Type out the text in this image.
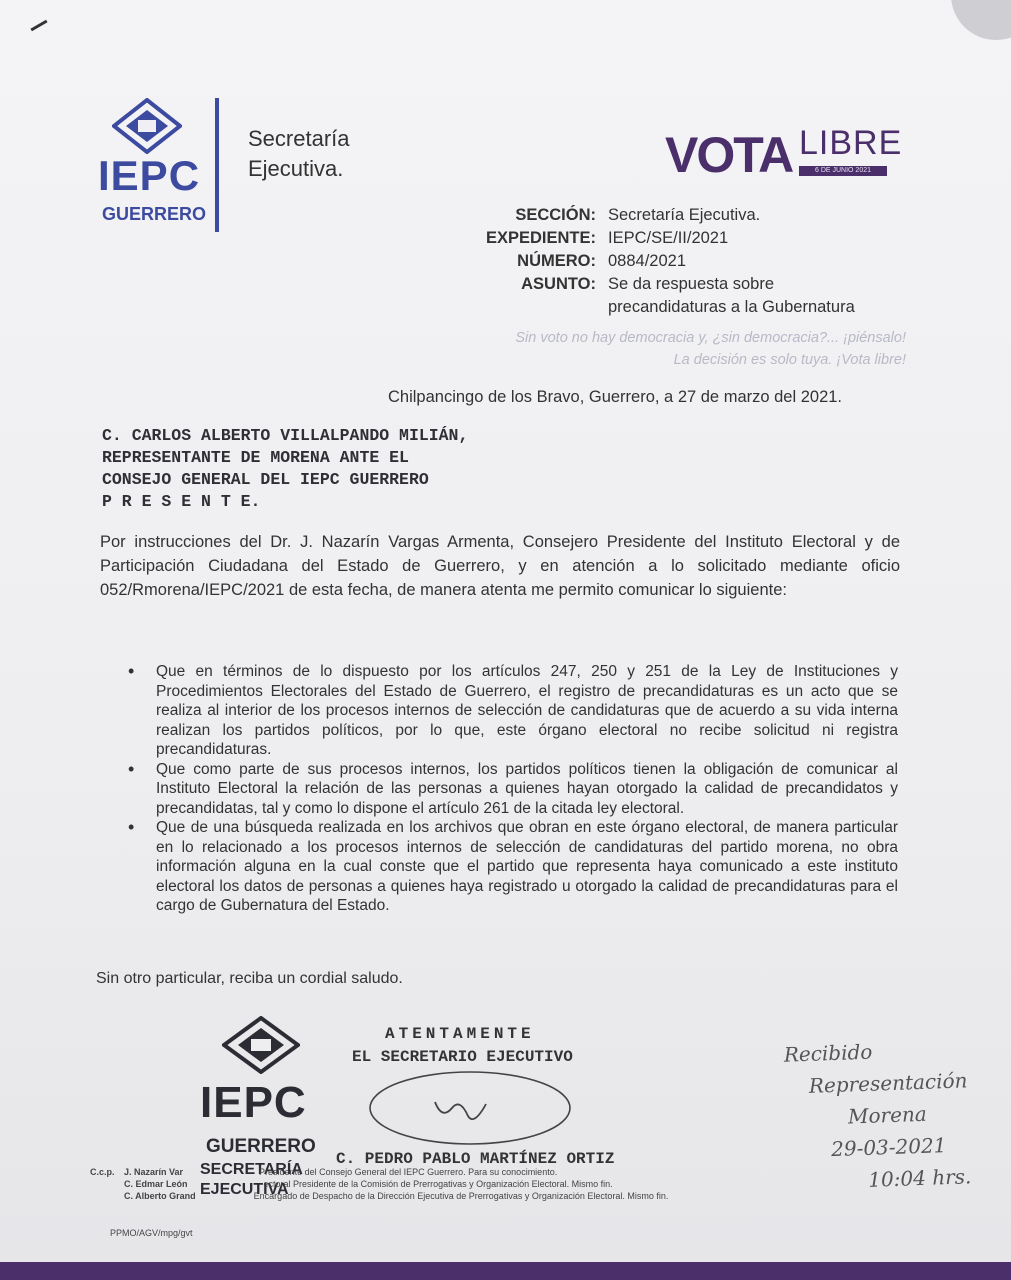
IEPC
GUERRERO
Secretaría Ejecutiva.	VOTA LIBRE
6 DE JUNIO 2021
SECCIÓN: Secretaría Ejecutiva.
EXPEDIENTE: IEPC/SE/II/2021
NÚMERO: 0884/2021
ASUNTO: Se da respuesta sobre
precandidaturas a la Gubernatura
Sin voto no hay democracia y, ¿sin democracia?... ¡piénsalo!
La decisión es solo tuya. ¡Vota libre!
Chilpancingo de los Bravo, Guerrero, a 27 de marzo del 2021.
C. CARLOS ALBERTO VILLALPANDO MILIÁN,
REPRESENTANTE DE MORENA ANTE EL
CONSEJO GENERAL DEL IEPC GUERRERO
P R E S E N T E.
Por instrucciones del Dr. J. Nazarín Vargas Armenta, Consejero Presidente del Instituto Electoral y de Participación Ciudadana del Estado de Guerrero, y en atención a lo solicitado mediante oficio 052/Rmorena/IEPC/2021 de esta fecha, de manera atenta me permito comunicar lo siguiente:
• Que en términos de lo dispuesto por los artículos 247, 250 y 251 de la Ley de Instituciones y Procedimientos Electorales del Estado de Guerrero, el registro de precandidaturas es un acto que se realiza al interior de los procesos internos de selección de candidaturas que de acuerdo a su vida interna realizan los partidos políticos, por lo que, este órgano electoral no recibe solicitud ni registra precandidaturas.
• Que como parte de sus procesos internos, los partidos políticos tienen la obligación de comunicar al Instituto Electoral la relación de las personas a quienes hayan otorgado la calidad de precandidatos y precandidatas, tal y como lo dispone el artículo 261 de la citada ley electoral.
• Que de una búsqueda realizada en los archivos que obran en este órgano electoral, de manera particular en lo relacionado a los procesos internos de selección de candidaturas del partido morena, no obra información alguna en la cual conste que el partido que representa haya comunicado a este instituto electoral los datos de personas a quienes haya registrado u otorgado la calidad de precandidaturas para el cargo de Gubernatura del Estado.
Sin otro particular, reciba un cordial saludo.
IEPC
GUERRERO
SECRETARÍA
EJECUTIVA
ATENTAMENTE
EL SECRETARIO EJECUTIVO
C. PEDRO PABLO MARTÍNEZ ORTIZ
C.c.p.	J. Nazarín Var	Presidente del Consejo General del IEPC Guerrero. Para su conocimiento.
C. Edmar León	ectoral Presidente de la Comisión de Prerrogativas y Organización Electoral. Mismo fin.
C. Alberto Grand	Encargado de Despacho de la Dirección Ejecutiva de Prerrogativas y Organización Electoral. Mismo fin.
PPMO/AGV/mpg/gvt
Recibido
Representación
Morena
29-03-2021
10:04 hrs.
